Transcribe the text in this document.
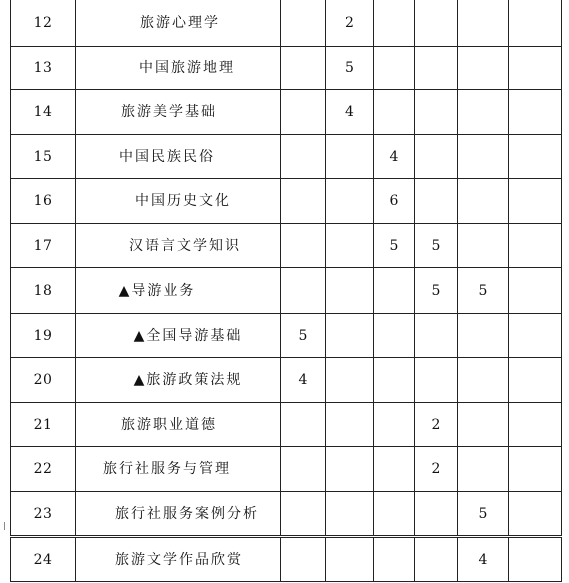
12	旅游心理学		2				
13	中国旅游地理		5				
14	旅游美学基础		4				
15	中国民族民俗			4			
16	中国历史文化			6			
17	汉语言文学知识			5	5		
18	▲导游业务				5	5	
19	▲全国导游基础	5					
20	▲旅游政策法规	4					
21	旅游职业道德				2		
22	旅行社服务与管理				2		
23	旅行社服务案例分析					5	
24	旅游文学作品欣赏					4	
